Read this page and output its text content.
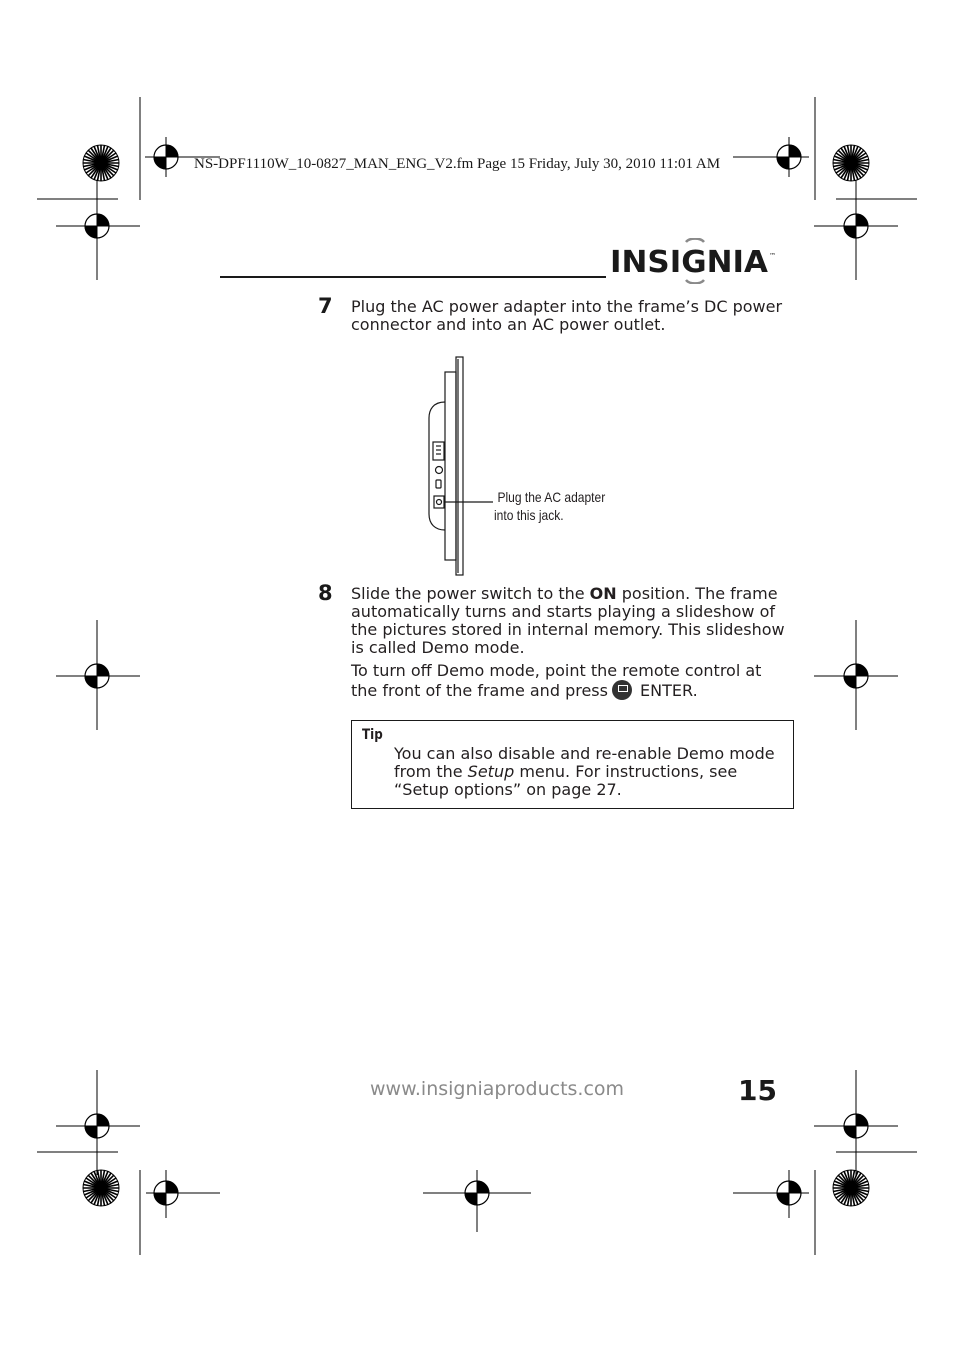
NS-DPF1110W_10-0827_MAN_ENG_V2.fm Page 15 Friday, July 30, 2010 11:01 AM
INSIGNIA ™
7 Plug the AC power adapter into the frame’s DC power connector and into an AC power outlet.
Plug the AC adapter
into this jack.
8 Slide the power switch to the ON position. The frame automatically turns and starts playing a slideshow of the pictures stored in internal memory. This slideshow is called Demo mode.
To turn off Demo mode, point the remote control at the front of the frame and press ENTER.
Tip
You can also disable and re-enable Demo mode from the Setup menu. For instructions, see “Setup options” on page 27.
www.insigniaproducts.com	15
